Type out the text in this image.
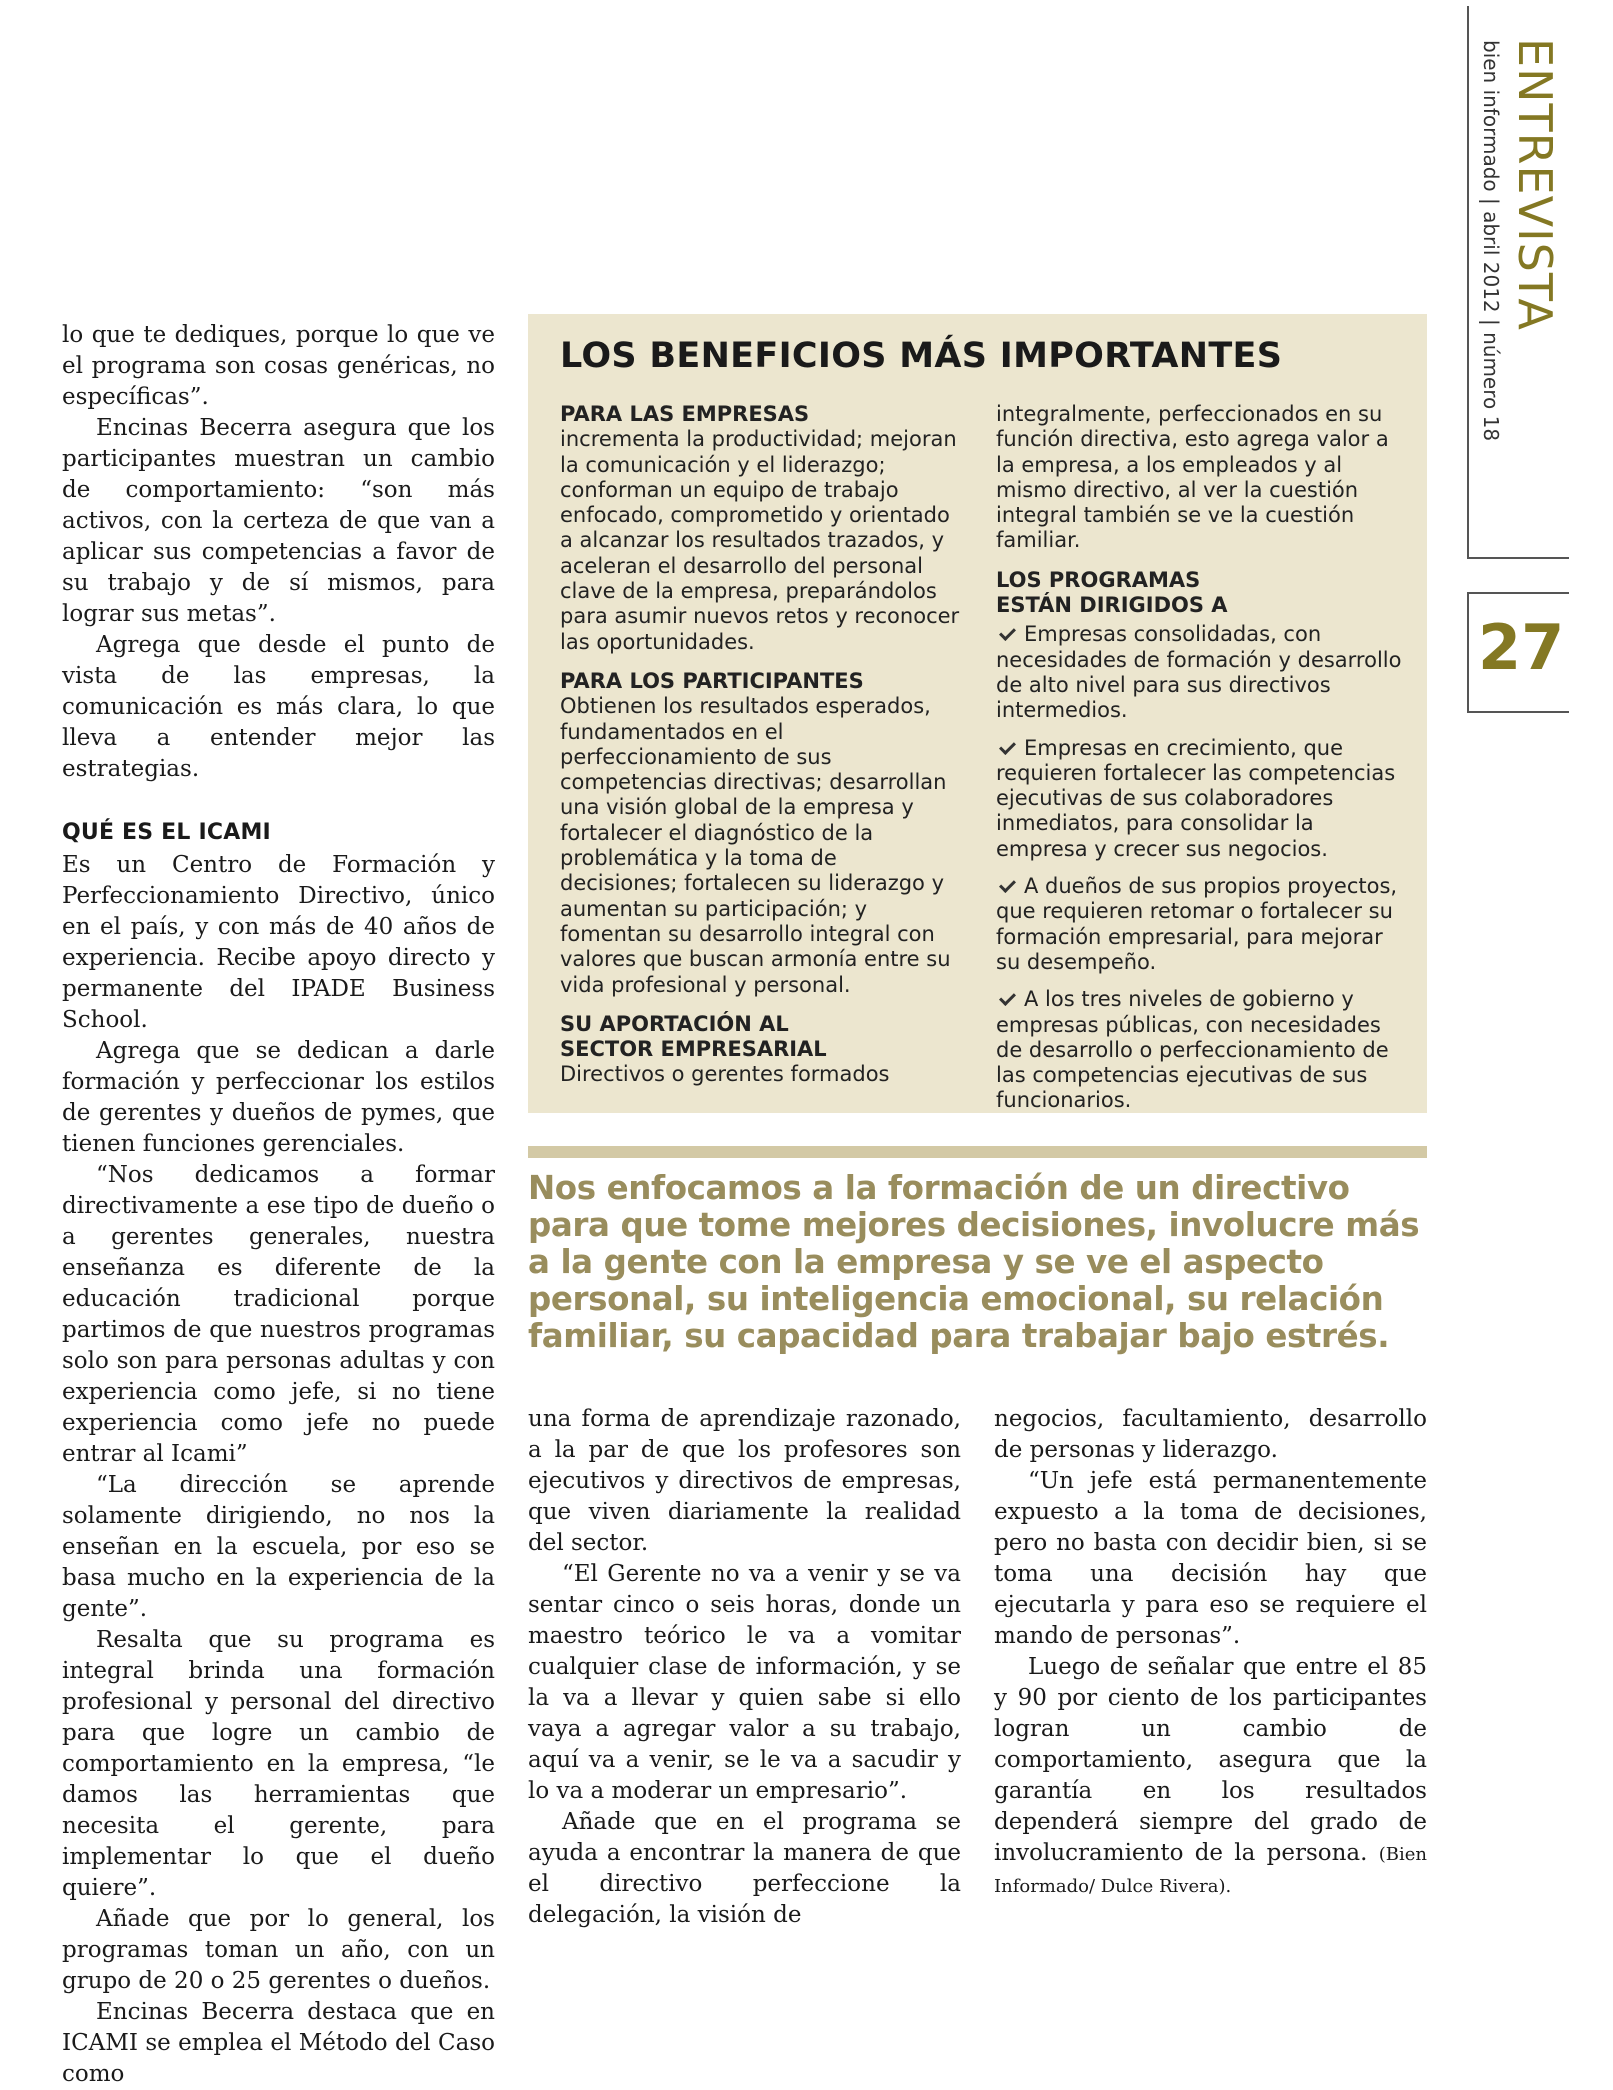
ENTREVISTA
bien informado | abril 2012 | número 18
27

lo que te dediques, porque lo que ve el programa son cosas genéricas, no específicas”.

Encinas Becerra asegura que los participantes muestran un cambio de comportamiento: “son más activos, con la certeza de que van a aplicar sus competencias a favor de su trabajo y de sí mismos, para lograr sus metas”.

Agrega que desde el punto de vista de las empresas, la comunicación es más clara, lo que lleva a entender mejor las estrategias.

QUÉ ES EL ICAMI

Es un Centro de Formación y Perfeccionamiento Directivo, único en el país, y con más de 40 años de experiencia. Recibe apoyo directo y permanente del IPADE Business School.

Agrega que se dedican a darle formación y perfeccionar los estilos de gerentes y dueños de pymes, que tienen funciones gerenciales.

“Nos dedicamos a formar directivamente a ese tipo de dueño o a gerentes generales, nuestra enseñanza es diferente de la educación tradicional porque partimos de que nuestros programas solo son para personas adultas y con experiencia como jefe, si no tiene experiencia como jefe no puede entrar al Icami”

“La dirección se aprende solamente dirigiendo, no nos la enseñan en la escuela, por eso se basa mucho en la experiencia de la gente”.

Resalta que su programa es integral brinda una formación profesional y personal del directivo para que logre un cambio de comportamiento en la empresa, “le damos las herramientas que necesita el gerente, para implementar lo que el dueño quiere”.

Añade que por lo general, los programas toman un año, con un grupo de 20 o 25 gerentes o dueños.

Encinas Becerra destaca que en ICAMI se emplea el Método del Caso como

LOS BENEFICIOS MÁS IMPORTANTES
PARA LAS EMPRESAS
incrementa la productividad; mejoran la comunicación y el liderazgo; conforman un equipo de trabajo enfocado, comprometido y orientado a alcanzar los resultados trazados, y aceleran el desarrollo del personal clave de la empresa, preparándolos para asumir nuevos retos y reconocer las oportunidades.
PARA LOS PARTICIPANTES
Obtienen los resultados esperados, fundamentados en el perfeccionamiento de sus competencias directivas; desarrollan una visión global de la empresa y fortalecer el diagnóstico de la problemática y la toma de decisiones; fortalecen su liderazgo y aumentan su participación; y fomentan su desarrollo integral con valores que buscan armonía entre su vida profesional y personal.
SU APORTACIÓN AL
SECTOR EMPRESARIAL
Directivos o gerentes formados
integralmente, perfeccionados en su función directiva, esto agrega valor a la empresa, a los empleados y al mismo directivo, al ver la cuestión integral también se ve la cuestión familiar.
LOS PROGRAMAS
ESTÁN DIRIGIDOS A
Empresas consolidadas, con necesidades de formación y desarrollo de alto nivel para sus directivos intermedios.
Empresas en crecimiento, que requieren fortalecer las competencias ejecutivas de sus colaboradores inmediatos, para consolidar la empresa y crecer sus negocios.
A dueños de sus propios proyectos, que requieren retomar o fortalecer su formación empresarial, para mejorar su desempeño.
A los tres niveles de gobierno y empresas públicas, con necesidades de desarrollo o perfeccionamiento de las competencias ejecutivas de sus funcionarios.
Nos enfocamos a la formación de un directivo para que tome mejores decisiones, involucre más a la gente con la empresa y se ve el aspecto personal, su inteligencia emocional, su relación familiar, su capacidad para trabajar bajo estrés.

una forma de aprendizaje razonado, a la par de que los profesores son ejecutivos y directivos de empresas, que viven diariamente la realidad del sector.

“El Gerente no va a venir y se va sentar cinco o seis horas, donde un maestro teórico le va a vomitar cualquier clase de información, y se la va a llevar y quien sabe si ello vaya a agregar valor a su trabajo, aquí va a venir, se le va a sacudir y lo va a moderar un empresario”.

Añade que en el programa se ayuda a encontrar la manera de que el directivo perfeccione la delegación, la visión de

negocios, facultamiento, desarrollo de personas y liderazgo.

“Un jefe está permanentemente expuesto a la toma de decisiones, pero no basta con decidir bien, si se toma una decisión hay que ejecutarla y para eso se requiere el mando de personas”.

Luego de señalar que entre el 85 y 90 por ciento de los participantes logran un cambio de comportamiento, asegura que la garantía en los resultados dependerá siempre del grado de involucramiento de la persona. (Bien Informado/ Dulce Rivera).
